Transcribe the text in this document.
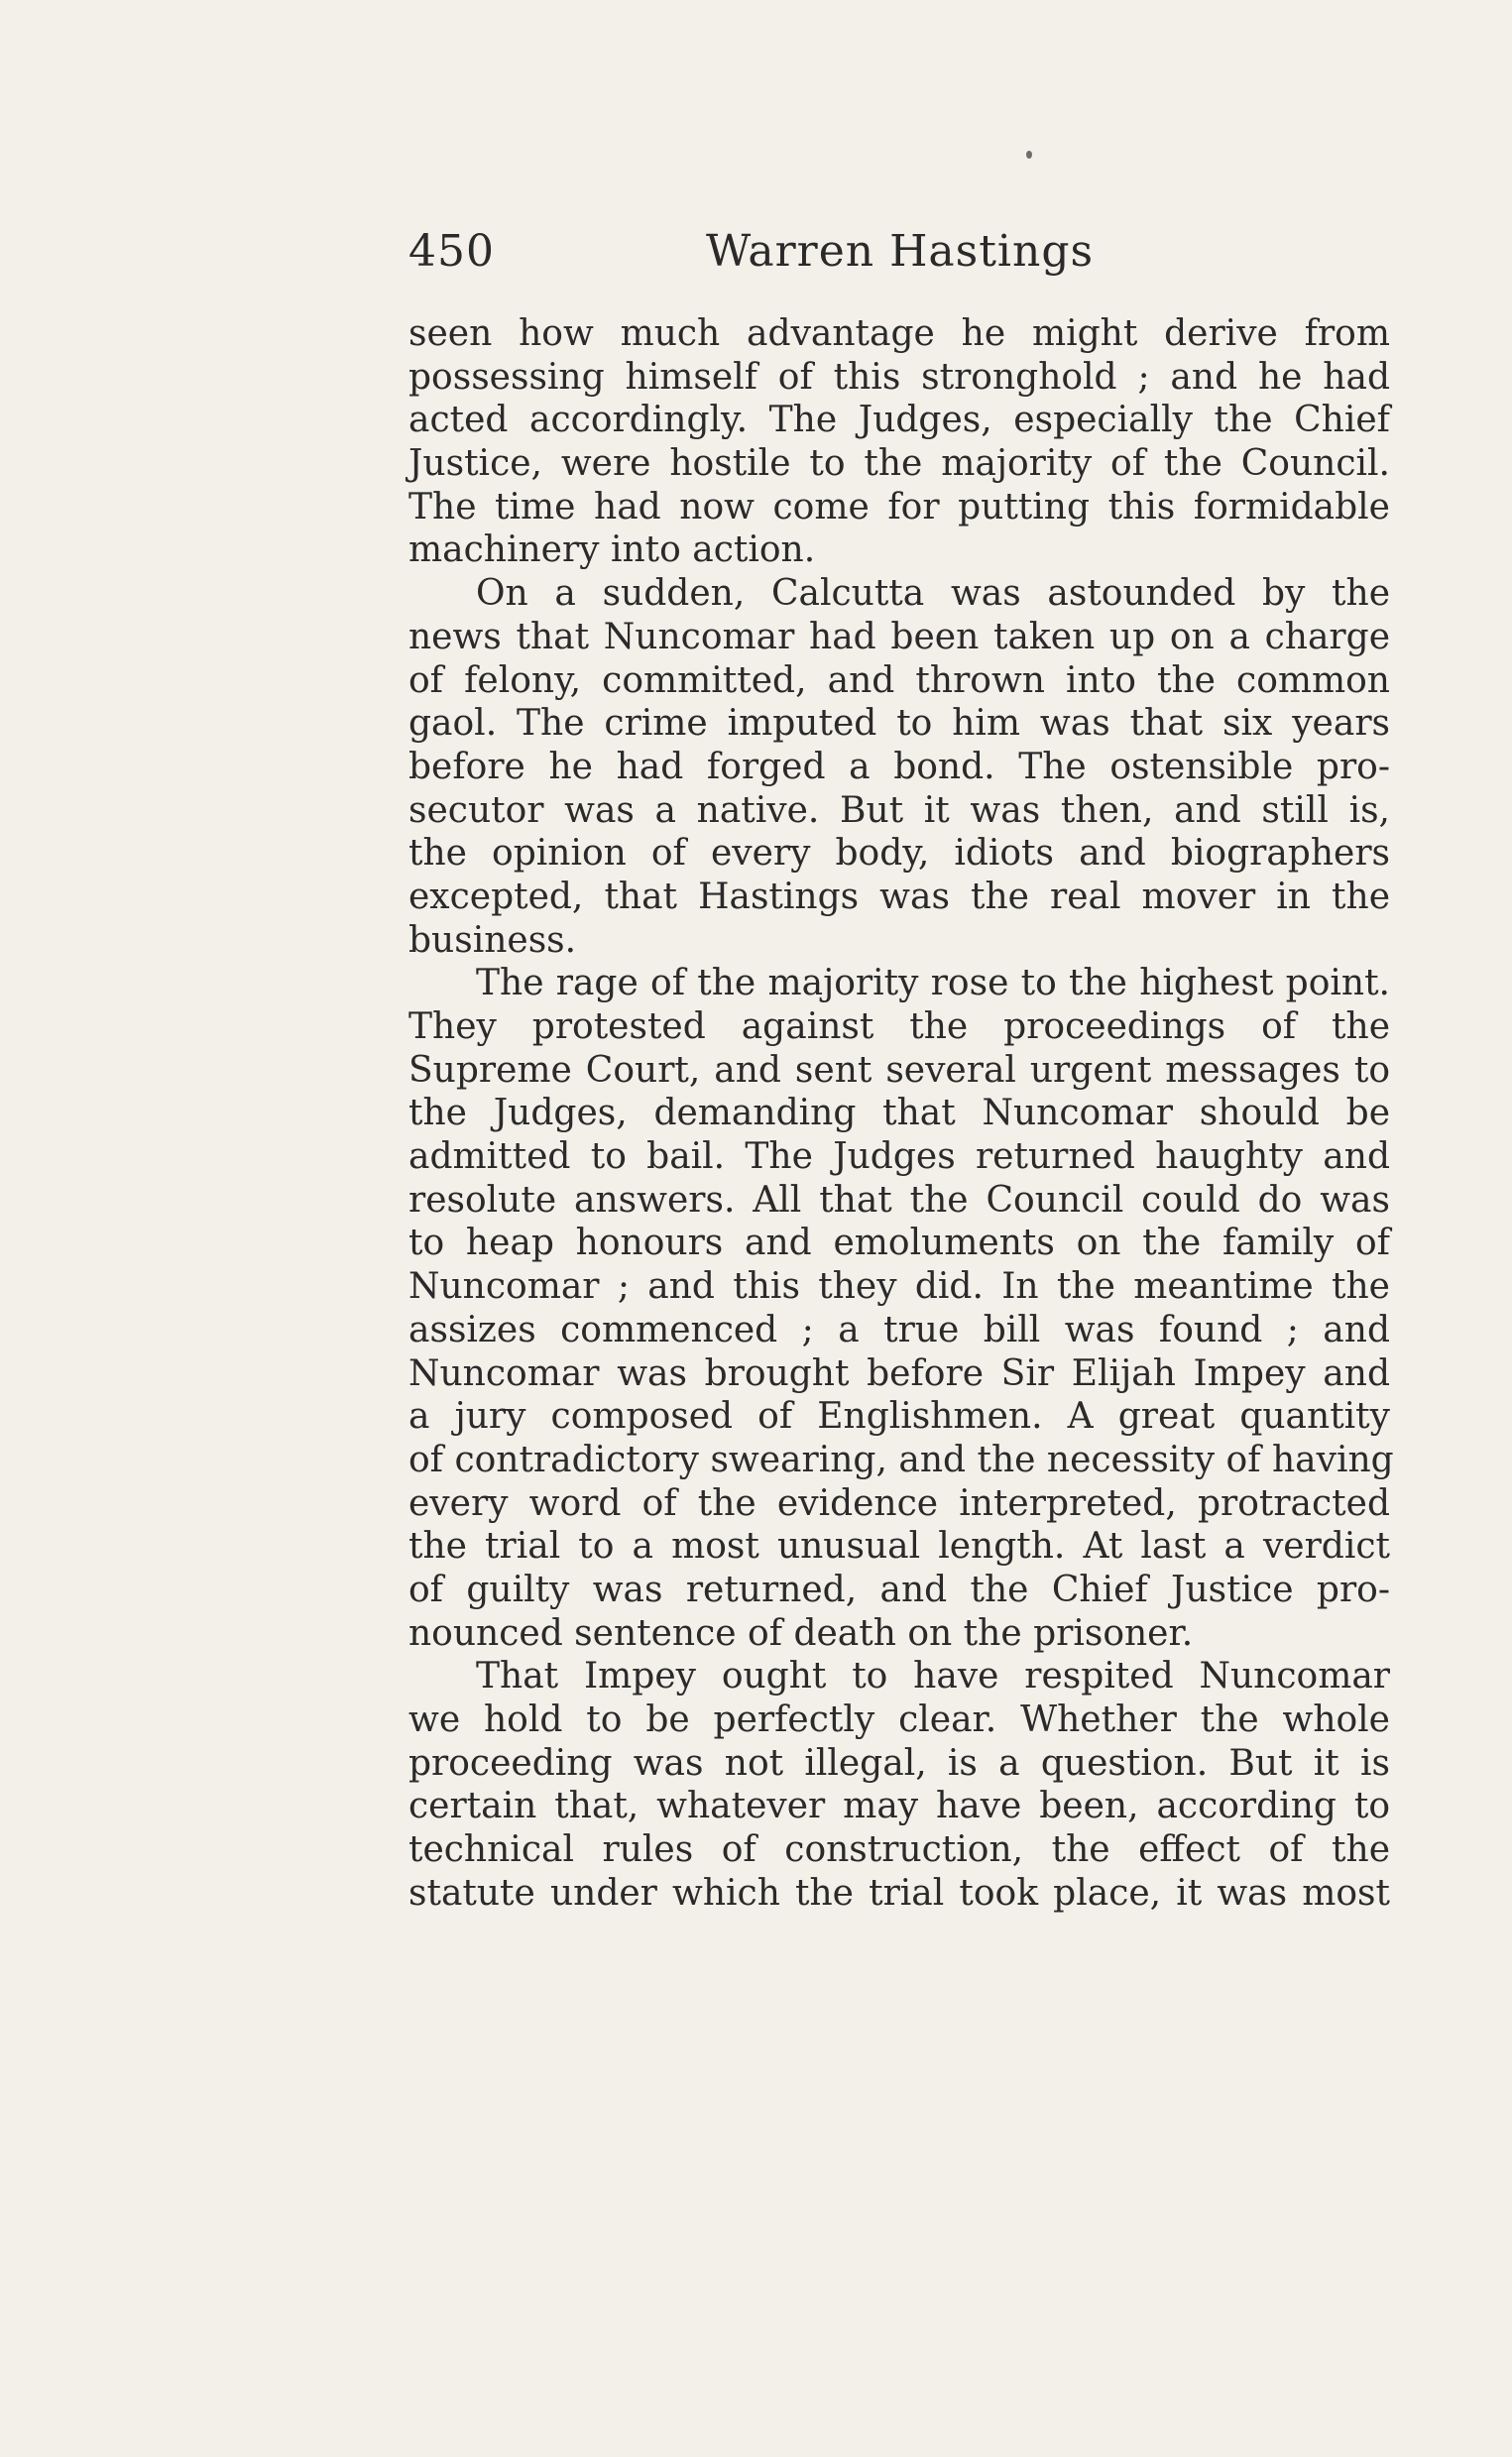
450	Warren Hastings
seen how much advantage he might derive from
possessing himself of this stronghold ; and he had
acted accordingly. The Judges, especially the Chief
Justice, were hostile to the majority of the Council.
The time had now come for putting this formidable
machinery into action.
On a sudden, Calcutta was astounded by the
news that Nuncomar had been taken up on a charge
of felony, committed, and thrown into the common
gaol. The crime imputed to him was that six years
before he had forged a bond. The ostensible pro-
secutor was a native. But it was then, and still is,
the opinion of every body, idiots and biographers
excepted, that Hastings was the real mover in the
business.
The rage of the majority rose to the highest point.
They protested against the proceedings of the
Supreme Court, and sent several urgent messages to
the Judges, demanding that Nuncomar should be
admitted to bail. The Judges returned haughty and
resolute answers. All that the Council could do was
to heap honours and emoluments on the family of
Nuncomar ; and this they did. In the meantime the
assizes commenced ; a true bill was found ; and
Nuncomar was brought before Sir Elijah Impey and
a jury composed of Englishmen. A great quantity
of contradictory swearing, and the necessity of having
every word of the evidence interpreted, protracted
the trial to a most unusual length. At last a verdict
of guilty was returned, and the Chief Justice pro-
nounced sentence of death on the prisoner.
That Impey ought to have respited Nuncomar
we hold to be perfectly clear. Whether the whole
proceeding was not illegal, is a question. But it is
certain that, whatever may have been, according to
technical rules of construction, the effect of the
statute under which the trial took place, it was most
